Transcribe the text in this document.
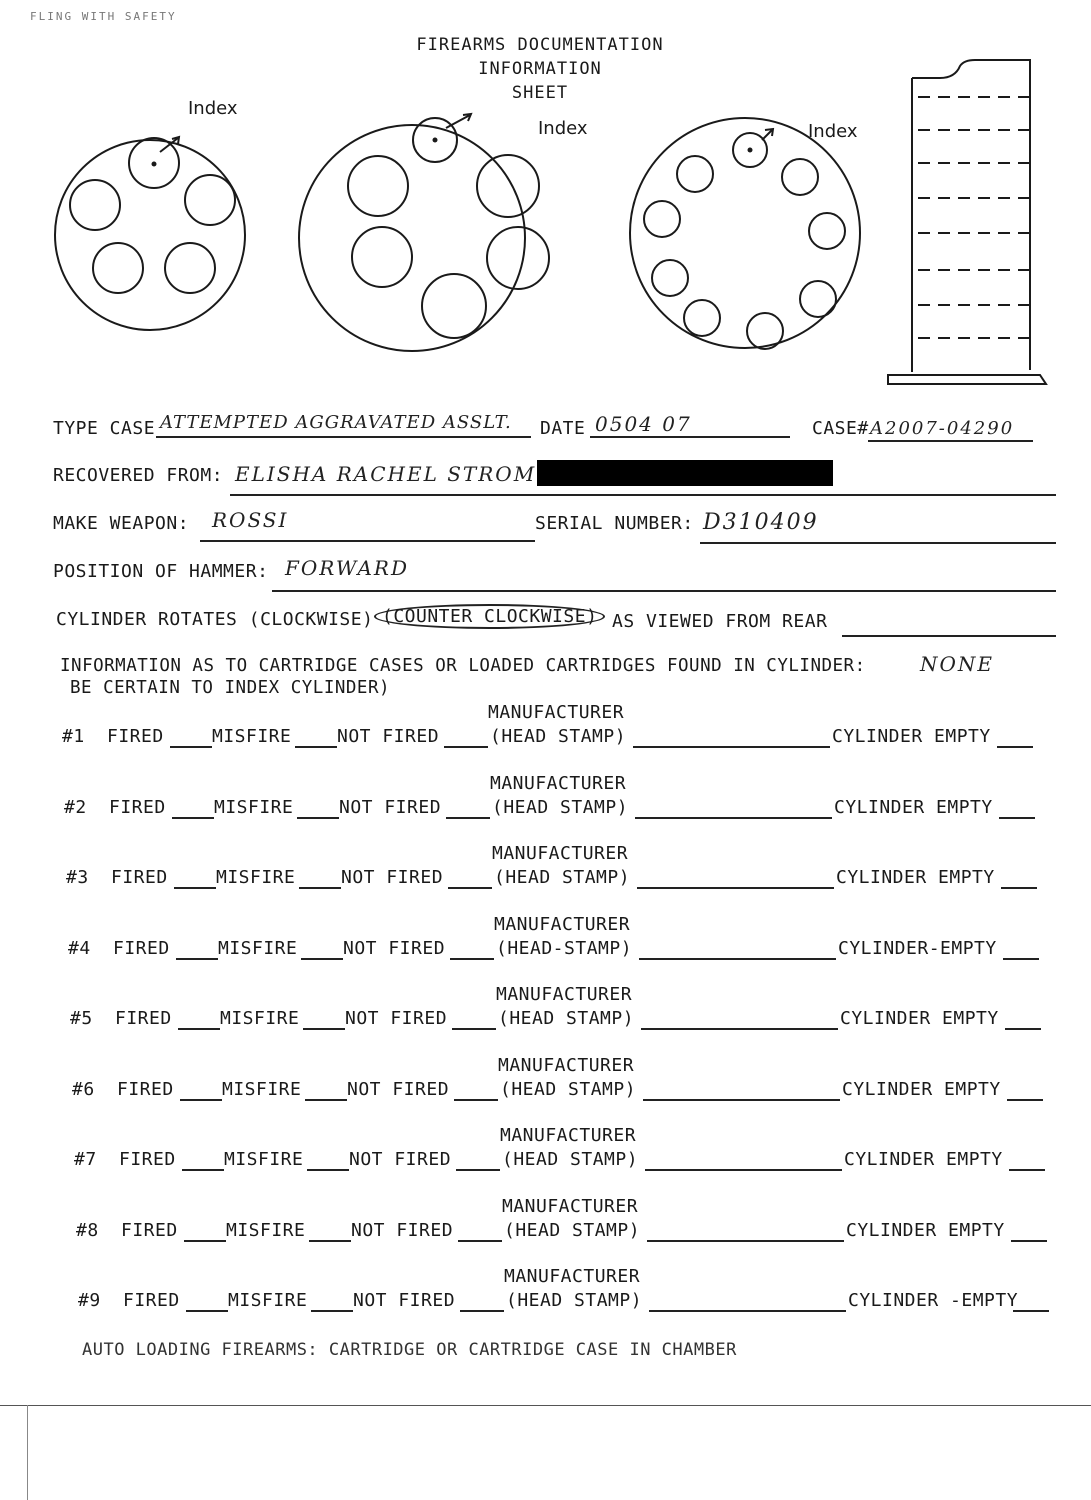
FLING WITH SAFETY
FIREARMS DOCUMENTATION
INFORMATION
SHEET
Index
Index	Index
TYPE CASE ATTEMPTED AGGRAVATED ASSLT. DATE 0504 07	CASE# A2007-04290
RECOVERED FROM: ELISHA RACHEL STROM
MAKE WEAPON: ROSSI	SERIAL NUMBER: D310409
POSITION OF HAMMER: FORWARD
CYLINDER ROTATES (CLOCKWISE) (COUNTER CLOCKWISE) AS VIEWED FROM REAR
INFORMATION AS TO CARTRIDGE CASES OR LOADED CARTRIDGES FOUND IN CYLINDER:	NONE
BE CERTAIN TO INDEX CYLINDER)
#1 FIRED	MISFIRE	NOT FIRED
MANUFACTURER
(HEAD STAMP)	CYLINDER EMPTY
#2 FIRED	MISFIRE	NOT FIRED
MANUFACTURER
(HEAD STAMP)	CYLINDER EMPTY
#3 FIRED	MISFIRE	NOT FIRED
MANUFACTURER
(HEAD STAMP)	CYLINDER EMPTY
#4 FIRED	MISFIRE	NOT FIRED
MANUFACTURER
(HEAD-STAMP)	CYLINDER-EMPTY
#5 FIRED	MISFIRE	NOT FIRED
MANUFACTURER
(HEAD STAMP)	CYLINDER EMPTY
#6 FIRED	MISFIRE	NOT FIRED
MANUFACTURER
(HEAD STAMP)	CYLINDER EMPTY
#7 FIRED	MISFIRE	NOT FIRED
MANUFACTURER
(HEAD STAMP)	CYLINDER EMPTY
#8 FIRED	MISFIRE	NOT FIRED
MANUFACTURER
(HEAD STAMP)	CYLINDER EMPTY
#9 FIRED	MISFIRE	NOT FIRED
MANUFACTURER
(HEAD STAMP)	CYLINDER -EMPTY
AUTO LOADING FIREARMS: CARTRIDGE OR CARTRIDGE CASE IN CHAMBER
